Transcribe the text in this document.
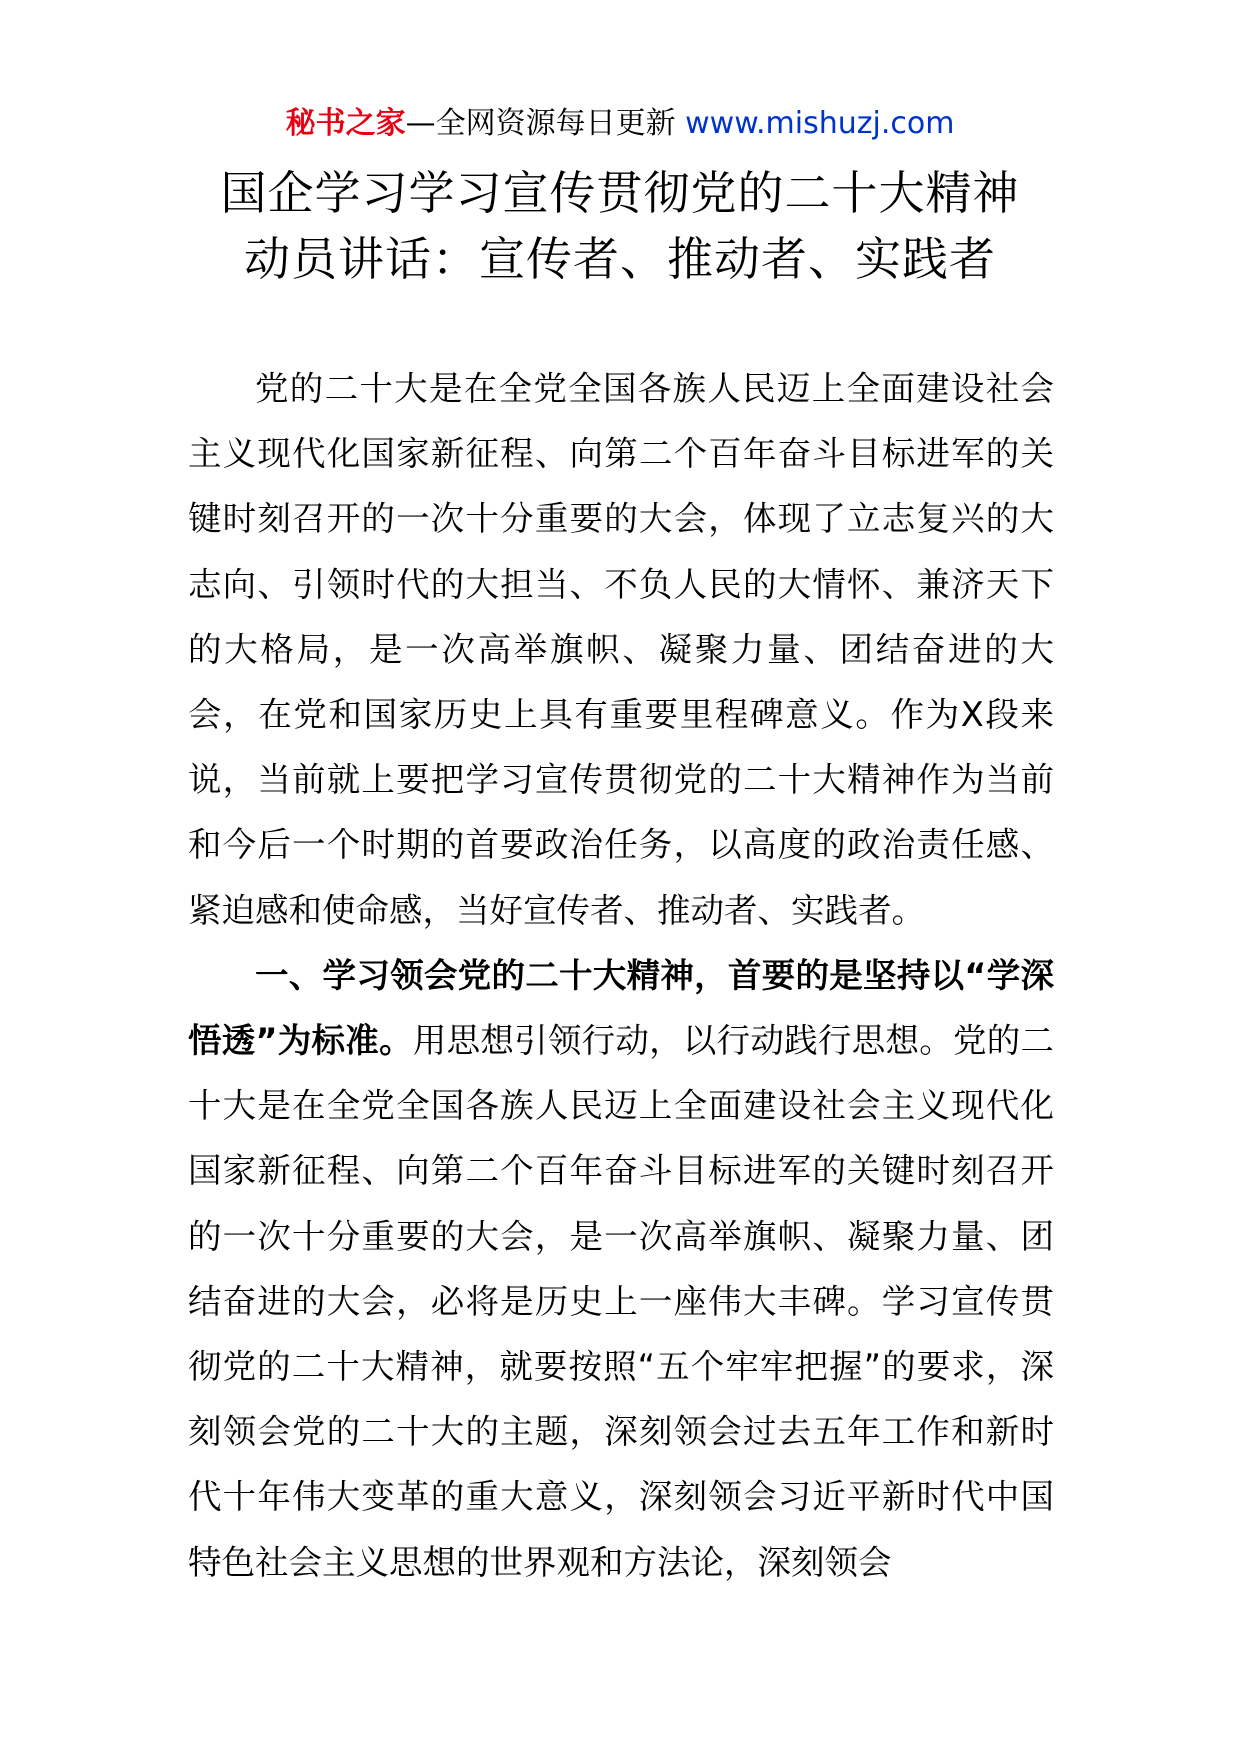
秘书之家—全网资源每日更新 www.mishuzj.com
国企学习学习宣传贯彻党的二十大精神
动员讲话：宣传者、推动者、实践者

党的二十大是在全党全国各族人民迈上全面建设社会主义现代化国家新征程、向第二个百年奋斗目标进军的关键时刻召开的一次十分重要的大会，体现了立志复兴的大志向、引领时代的大担当、不负人民的大情怀、兼济天下的大格局，是一次高举旗帜、凝聚力量、团结奋进的大会，在党和国家历史上具有重要里程碑意义。作为X段来说，当前就上要把学习宣传贯彻党的二十大精神作为当前和今后一个时期的首要政治任务，以高度的政治责任感、紧迫感和使命感，当好宣传者、推动者、实践者。

一、学习领会党的二十大精神，首要的是坚持以“学深悟透”为标准。用思想引领行动，以行动践行思想。党的二十大是在全党全国各族人民迈上全面建设社会主义现代化国家新征程、向第二个百年奋斗目标进军的关键时刻召开的一次十分重要的大会，是一次高举旗帜、凝聚力量、团结奋进的大会，必将是历史上一座伟大丰碑。学习宣传贯彻党的二十大精神，就要按照“五个牢牢把握”的要求，深刻领会党的二十大的主题，深刻领会过去五年工作和新时代十年伟大变革的重大意义，深刻领会习近平新时代中国特色社会主义思想的世界观和方法论，深刻领会
